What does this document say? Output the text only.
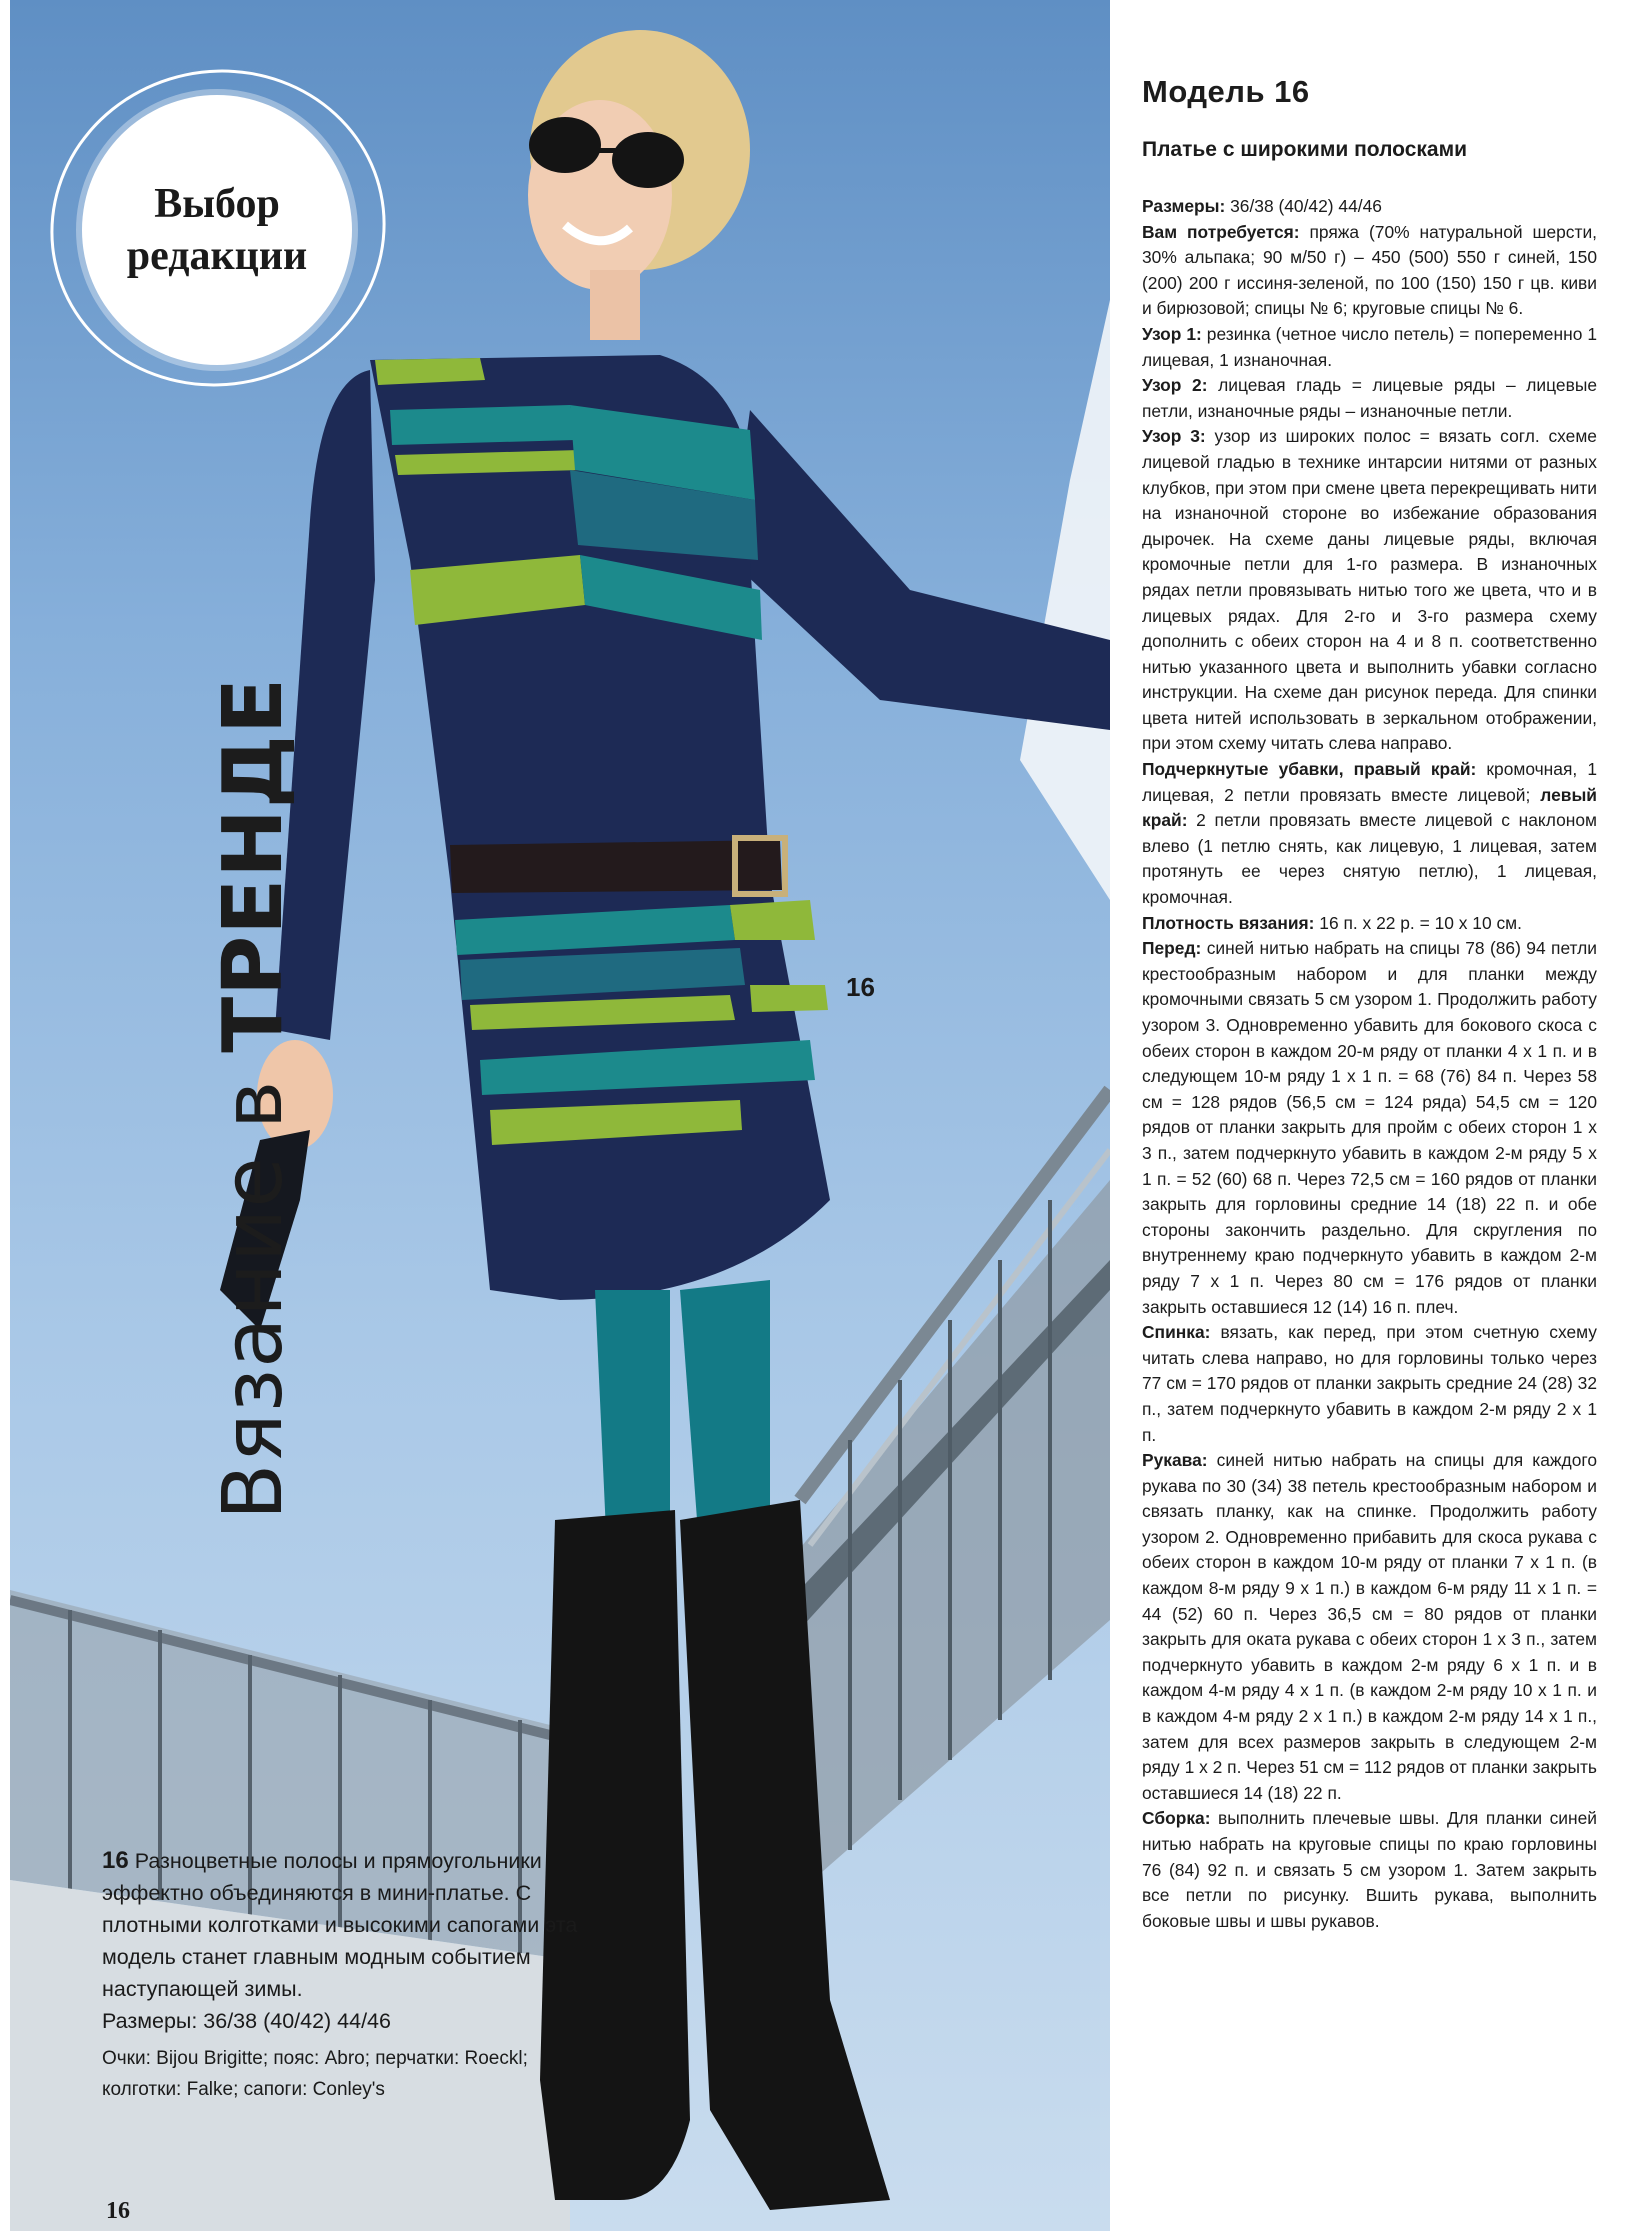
Выбор
редакции
Вязание в ТРЕНДЕ	16
16 Разноцветные полосы и прямоугольники эффектно объединяются в мини-платье. С плотными колготками и высокими сапогами эта модель станет главным модным событием наступающей зимы.
Размеры: 36/38 (40/42) 44/46
Очки: Bijou Brigitte; пояс: Abro; перчатки: Roeckl; колготки: Falke; сапоги: Conley's
16
Модель 16
Платье с широкими полосками

Размеры: 36/38 (40/42) 44/46

Вам потребуется: пряжа (70% натуральной шерсти, 30% альпака; 90 м/50 г) – 450 (500) 550 г синей, 150 (200) 200 г иссиня-зеленой, по 100 (150) 150 г цв. киви и бирюзовой; спицы № 6; круговые спицы № 6.

Узор 1: резинка (четное число петель) = попеременно 1 лицевая, 1 изнаночная.

Узор 2: лицевая гладь = лицевые ряды – лицевые петли, изнаночные ряды – изнаночные петли.

Узор 3: узор из широких полос = вязать согл. схеме лицевой гладью в технике интарсии нитями от разных клубков, при этом при смене цвета перекрещивать нити на изнаночной стороне во избежание образования дырочек. На схеме даны лицевые ряды, включая кромочные петли для 1-го размера. В изнаночных рядах петли провязывать нитью того же цвета, что и в лицевых рядах. Для 2-го и 3-го размера схему дополнить с обеих сторон на 4 и 8 п. соответственно нитью указанного цвета и выполнить убавки согласно инструкции. На схеме дан рисунок переда. Для спинки цвета нитей использовать в зеркальном отображении, при этом схему читать слева направо.

Подчеркнутые убавки, правый край: кромочная, 1 лицевая, 2 петли провязать вместе лицевой; левый край: 2 петли провязать вместе лицевой с наклоном влево (1 петлю снять, как лицевую, 1 лицевая, затем протянуть ее через снятую петлю), 1 лицевая, кромочная.

Плотность вязания: 16 п. x 22 р. = 10 x 10 см.

Перед: синей нитью набрать на спицы 78 (86) 94 петли крестообразным набором и для планки между кромочными связать 5 см узором 1. Продолжить работу узором 3. Одновременно убавить для бокового скоса с обеих сторон в каждом 20-м ряду от планки 4 x 1 п. и в следующем 10-м ряду 1 x 1 п. = 68 (76) 84 п. Через 58 см = 128 рядов (56,5 см = 124 ряда) 54,5 см = 120 рядов от планки закрыть для пройм с обеих сторон 1 x 3 п., затем подчеркнуто убавить в каждом 2-м ряду 5 x 1 п. = 52 (60) 68 п. Через 72,5 см = 160 рядов от планки закрыть для горловины средние 14 (18) 22 п. и обе стороны закончить раздельно. Для скругления по внутреннему краю подчеркнуто убавить в каждом 2-м ряду 7 x 1 п. Через 80 см = 176 рядов от планки закрыть оставшиеся 12 (14) 16 п. плеч.

Спинка: вязать, как перед, при этом счетную схему читать слева направо, но для горловины только через 77 см = 170 рядов от планки закрыть средние 24 (28) 32 п., затем подчеркнуто убавить в каждом 2-м ряду 2 x 1 п.

Рукава: синей нитью набрать на спицы для каждого рукава по 30 (34) 38 петель крестообразным набором и связать планку, как на спинке. Продолжить работу узором 2. Одновременно прибавить для скоса рукава с обеих сторон в каждом 10-м ряду от планки 7 x 1 п. (в каждом 8-м ряду 9 x 1 п.) в каждом 6-м ряду 11 x 1 п. = 44 (52) 60 п. Через 36,5 см = 80 рядов от планки закрыть для оката рукава с обеих сторон 1 x 3 п., затем подчеркнуто убавить в каждом 2-м ряду 6 x 1 п. и в каждом 4-м ряду 4 x 1 п. (в каждом 2-м ряду 10 x 1 п. и в каждом 4-м ряду 2 x 1 п.) в каждом 2-м ряду 14 x 1 п., затем для всех размеров закрыть в следующем 2-м ряду 1 x 2 п. Через 51 см = 112 рядов от планки закрыть оставшиеся 14 (18) 22 п.

Сборка: выполнить плечевые швы. Для планки синей нитью набрать на круговые спицы по краю горловины 76 (84) 92 п. и связать 5 см узором 1. Затем закрыть все петли по рисунку. Вшить рукава, выполнить боковые швы и швы рукавов.
